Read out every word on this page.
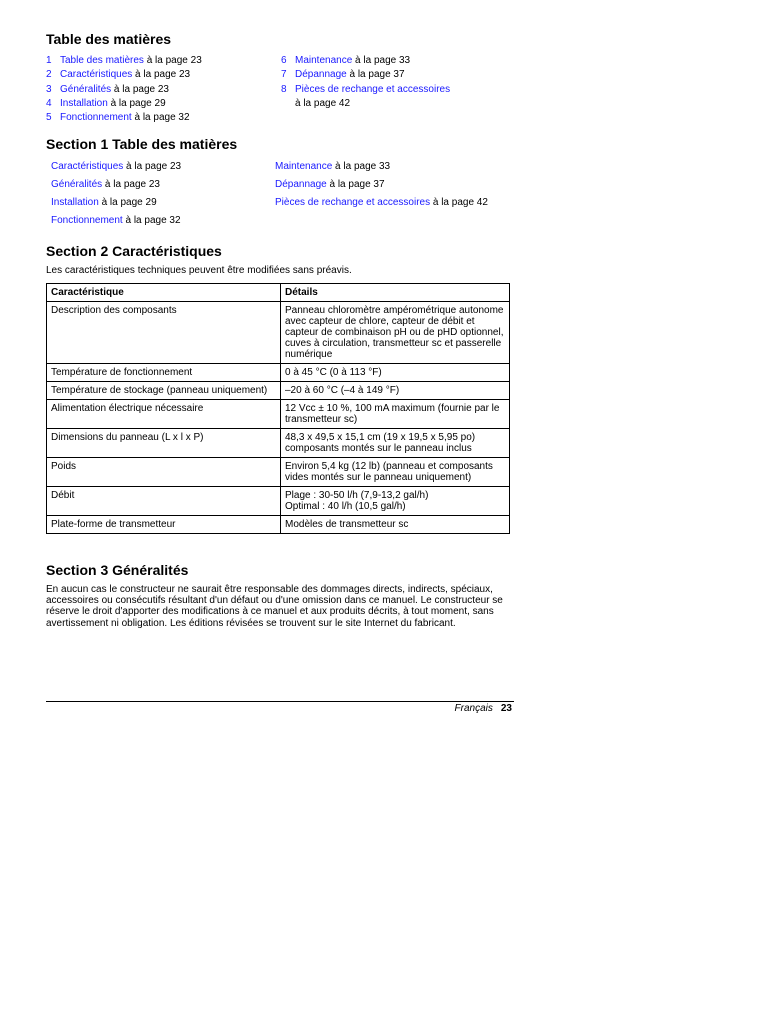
Table des matières
1 Table des matières à la page 23
2 Caractéristiques à la page 23
3 Généralités à la page 23
4 Installation à la page 29
5 Fonctionnement à la page 32
6 Maintenance à la page 33
7 Dépannage à la page 37
8 Pièces de rechange et accessoires
à la page 42
Section 1 Table des matières
Caractéristiques à la page 23
Généralités à la page 23
Installation à la page 29
Fonctionnement à la page 32
Maintenance à la page 33
Dépannage à la page 37
Pièces de rechange et accessoires à la page 42
Section 2 Caractéristiques
Les caractéristiques techniques peuvent être modifiées sans préavis.
Caractéristique	Détails
Description des composants	Panneau chloromètre ampérométrique autonome avec capteur de chlore, capteur de débit et capteur de combinaison pH ou de pHD optionnel, cuves à circulation, transmetteur sc et passerelle numérique
Température de fonctionnement	0 à 45 °C (0 à 113 °F)
Température de stockage (panneau uniquement)	–20 à 60 °C (–4 à 149 °F)
Alimentation électrique nécessaire	12 Vcc ± 10 %, 100 mA maximum (fournie par le transmetteur sc)
Dimensions du panneau (L x l x P)	48,3 x 49,5 x 15,1 cm (19 x 19,5 x 5,95 po) composants montés sur le panneau inclus
Poids	Environ 5,4 kg (12 lb) (panneau et composants vides montés sur le panneau uniquement)
Débit	Plage : 30-50 l/h (7,9-13,2 gal/h)
Optimal : 40 l/h (10,5 gal/h)
Plate-forme de transmetteur	Modèles de transmetteur sc
Section 3 Généralités
En aucun cas le constructeur ne saurait être responsable des dommages directs, indirects, spéciaux, accessoires ou consécutifs résultant d'un défaut ou d'une omission dans ce manuel. Le constructeur se réserve le droit d'apporter des modifications à ce manuel et aux produits décrits, à tout moment, sans avertissement ni obligation. Les éditions révisées se trouvent sur le site Internet du fabricant.
Français 23
